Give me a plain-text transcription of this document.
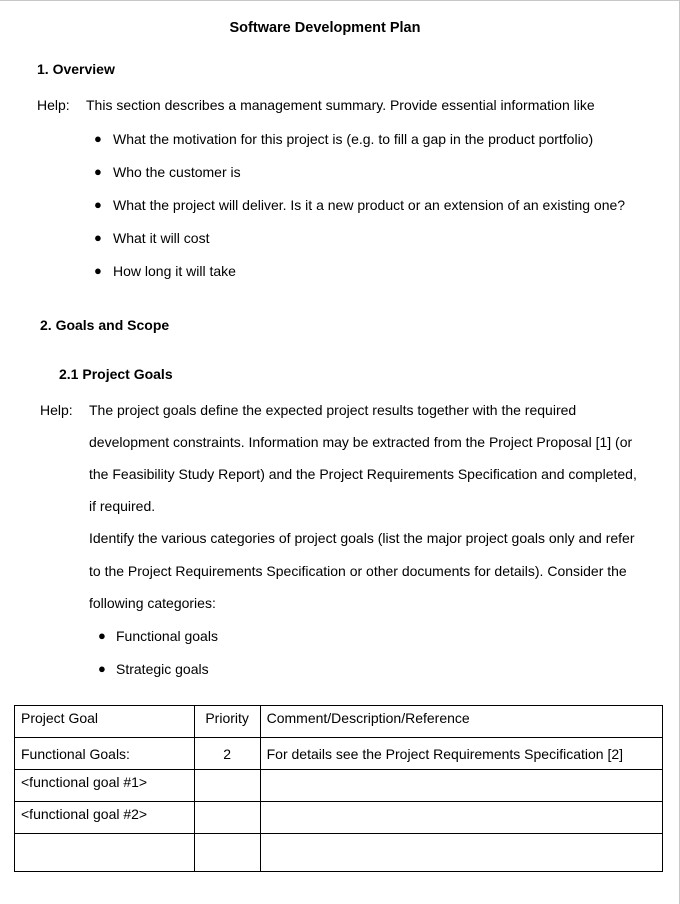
Software Development Plan
1. Overview
Help: This section describes a management summary. Provide essential information like
● What the motivation for this project is (e.g. to fill a gap in the product portfolio)
● Who the customer is
● What the project will deliver. Is it a new product or an extension of an existing one?
● What it will cost
● How long it will take
2. Goals and Scope
2.1 Project Goals
Help: The project goals define the expected project results together with the required
development constraints. Information may be extracted from the Project Proposal [1] (or
the Feasibility Study Report) and the Project Requirements Specification and completed,
if required.
Identify the various categories of project goals (list the major project goals only and refer
to the Project Requirements Specification or other documents for details). Consider the
following categories:
● Functional goals
● Strategic goals
Project Goal	Priority	Comment/Description/Reference
Functional Goals:	2	For details see the Project Requirements Specification [2]
<functional goal #1>		
<functional goal #2>		
